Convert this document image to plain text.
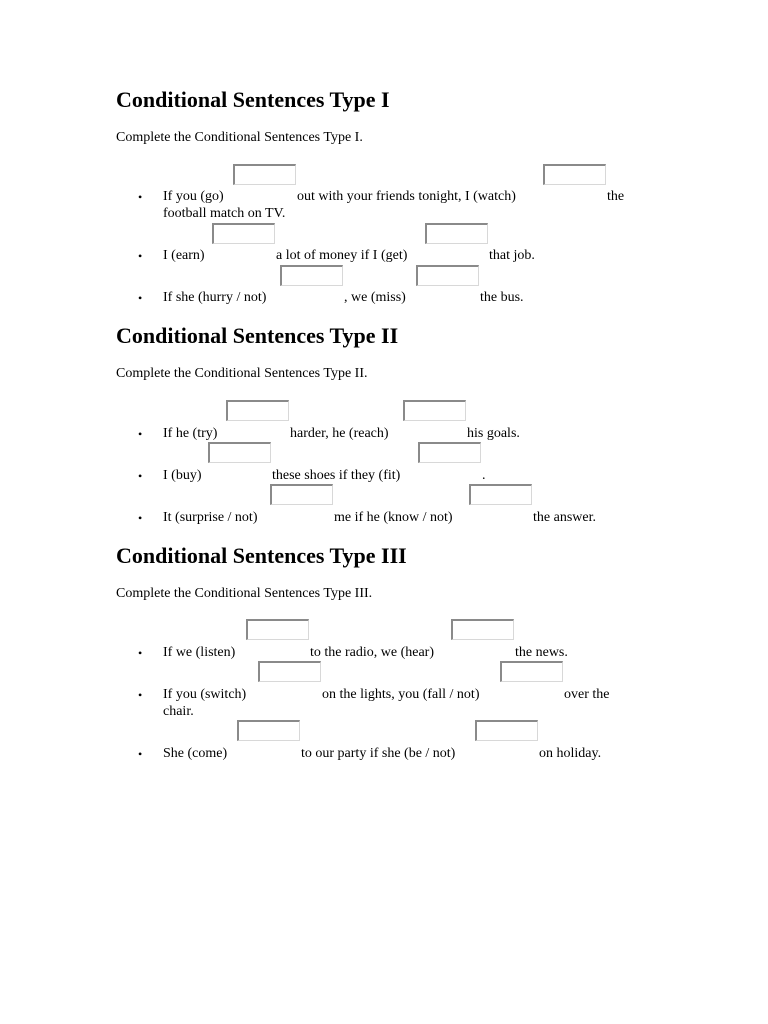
Conditional Sentences Type I
Complete the Conditional Sentences Type I.
• If you (go)	out with your friends tonight, I (watch)	the
football match on TV.
• I (earn)	a lot of money if I (get)	that job.
• If she (hurry / not)	, we (miss)	the bus.
Conditional Sentences Type II
Complete the Conditional Sentences Type II.
• If he (try)	harder, he (reach)	his goals.
• I (buy)	these shoes if they (fit)	.
• It (surprise / not)	me if he (know / not)	the answer.
Conditional Sentences Type III
Complete the Conditional Sentences Type III.
• If we (listen)	to the radio, we (hear)	the news.
• If you (switch)	on the lights, you (fall / not)	over the
chair.
• She (come)	to our party if she (be / not)	on holiday.
